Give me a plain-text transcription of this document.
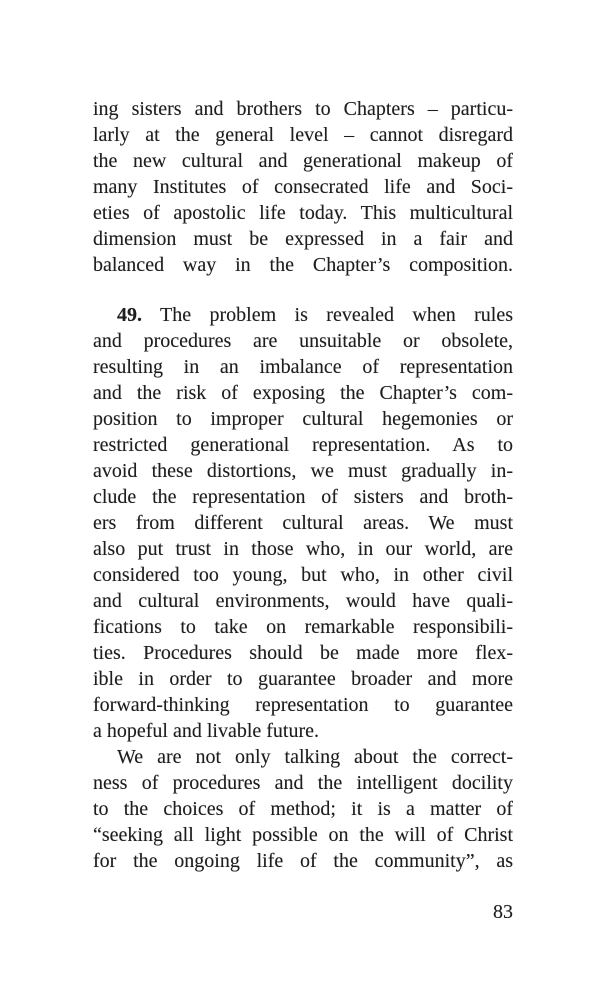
ing sisters and brothers to Chapters – particu-
larly at the general level – cannot disregard
the new cultural and generational makeup of
many Institutes of consecrated life and Soci-
eties of apostolic life today. This multicultural
dimension must be expressed in a fair and
balanced way in the Chapter’s composition.
49. The problem is revealed when rules
and procedures are unsuitable or obsolete,
resulting in an imbalance of representation
and the risk of exposing the Chapter’s com-
position to improper cultural hegemonies or
restricted generational representation. As to
avoid these distortions, we must gradually in-
clude the representation of sisters and broth-
ers from different cultural areas. We must
also put trust in those who, in our world, are
considered too young, but who, in other civil
and cultural environments, would have quali-
fications to take on remarkable responsibili-
ties. Procedures should be made more flex-
ible in order to guarantee broader and more
forward-thinking representation to guarantee
a hopeful and livable future.
We are not only talking about the correct-
ness of procedures and the intelligent docility
to the choices of method; it is a matter of
“seeking all light possible on the will of Christ
for the ongoing life of the community”, as
83
